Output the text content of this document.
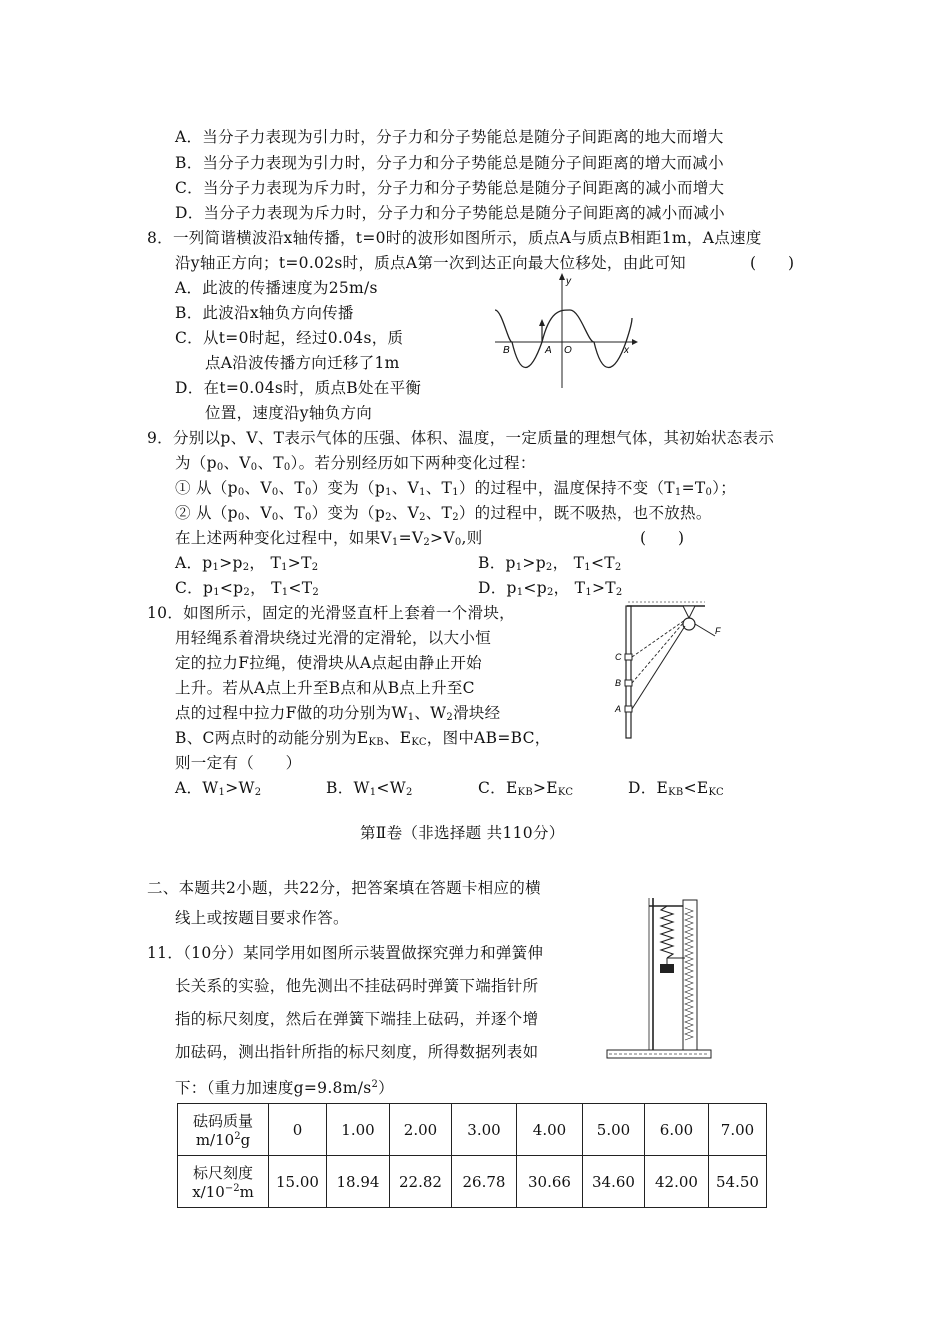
A．当分子力表现为引力时，分子力和分子势能总是随分子间距离的地大而增大
B．当分子力表现为引力时，分子力和分子势能总是随分子间距离的增大而减小
C．当分子力表现为斥力时，分子力和分子势能总是随分子间距离的减小而增大
D．当分子力表现为斥力时，分子力和分子势能总是随分子间距离的减小而减小
8．一列简谐横波沿x轴传播，t=0时的波形如图所示，质点A与质点B相距1m，A点速度
沿y轴正方向；t=0.02s时，质点A第一次到达正向最大位移处，由此可知	(　　)
A．此波的传播速度为25m/s
B．此波沿x轴负方向传播
C．从t=0时起，经过0.04s，质
点A沿波传播方向迁移了1m
D．在t=0.04s时，质点B处在平衡
位置，速度沿y轴负方向
y
x
B	A O
9．分别以p、V、T表示气体的压强、体积、温度，一定质量的理想气体，其初始状态表示
为（p0、V0、T0）。若分别经历如下两种变化过程：
① 从（p0、V0、T0）变为（p1、V1、T1）的过程中，温度保持不变（T1=T0）；
② 从（p0、V0、T0）变为（p2、V2、T2）的过程中，既不吸热，也不放热。
在上述两种变化过程中，如果V1=V2>V0,则	(　　)
A．p1>p2， T1>T2	B．p1>p2， T1<T2
C．p1<p2， T1<T2	D．p1<p2， T1>T2
10．如图所示，固定的光滑竖直杆上套着一个滑块，
用轻绳系着滑块绕过光滑的定滑轮，以大小恒
定的拉力F拉绳，使滑块从A点起由静止开始
上升。若从A点上升至B点和从B点上升至C
点的过程中拉力F做的功分别为W1、W2滑块经
B、C两点时的动能分别为EKB、EKC，图中AB=BC，
则一定有（　　）
A．W1>W2	B．W1<W2	C．EKB>EKC	D．EKB<EKC
C
B
A
F
第Ⅱ卷（非选择题 共110分）
二、本题共2小题，共22分，把答案填在答题卡相应的横
线上或按题目要求作答。
11．（10分）某同学用如图所示装置做探究弹力和弹簧伸
长关系的实验，他先测出不挂砝码时弹簧下端指针所
指的标尺刻度，然后在弹簧下端挂上砝码，并逐个增
加砝码，测出指针所指的标尺刻度，所得数据列表如
下：（重力加速度$g=9.8m/s^2$）
砝码质量
$m/10^2g$	0	1.00	2.00	3.00	4.00	5.00	6.00	7.00

标尺刻度
$x/10^{-2}m$	15.00	18.94	22.82	26.78	30.66	34.60	42.00	54.50
